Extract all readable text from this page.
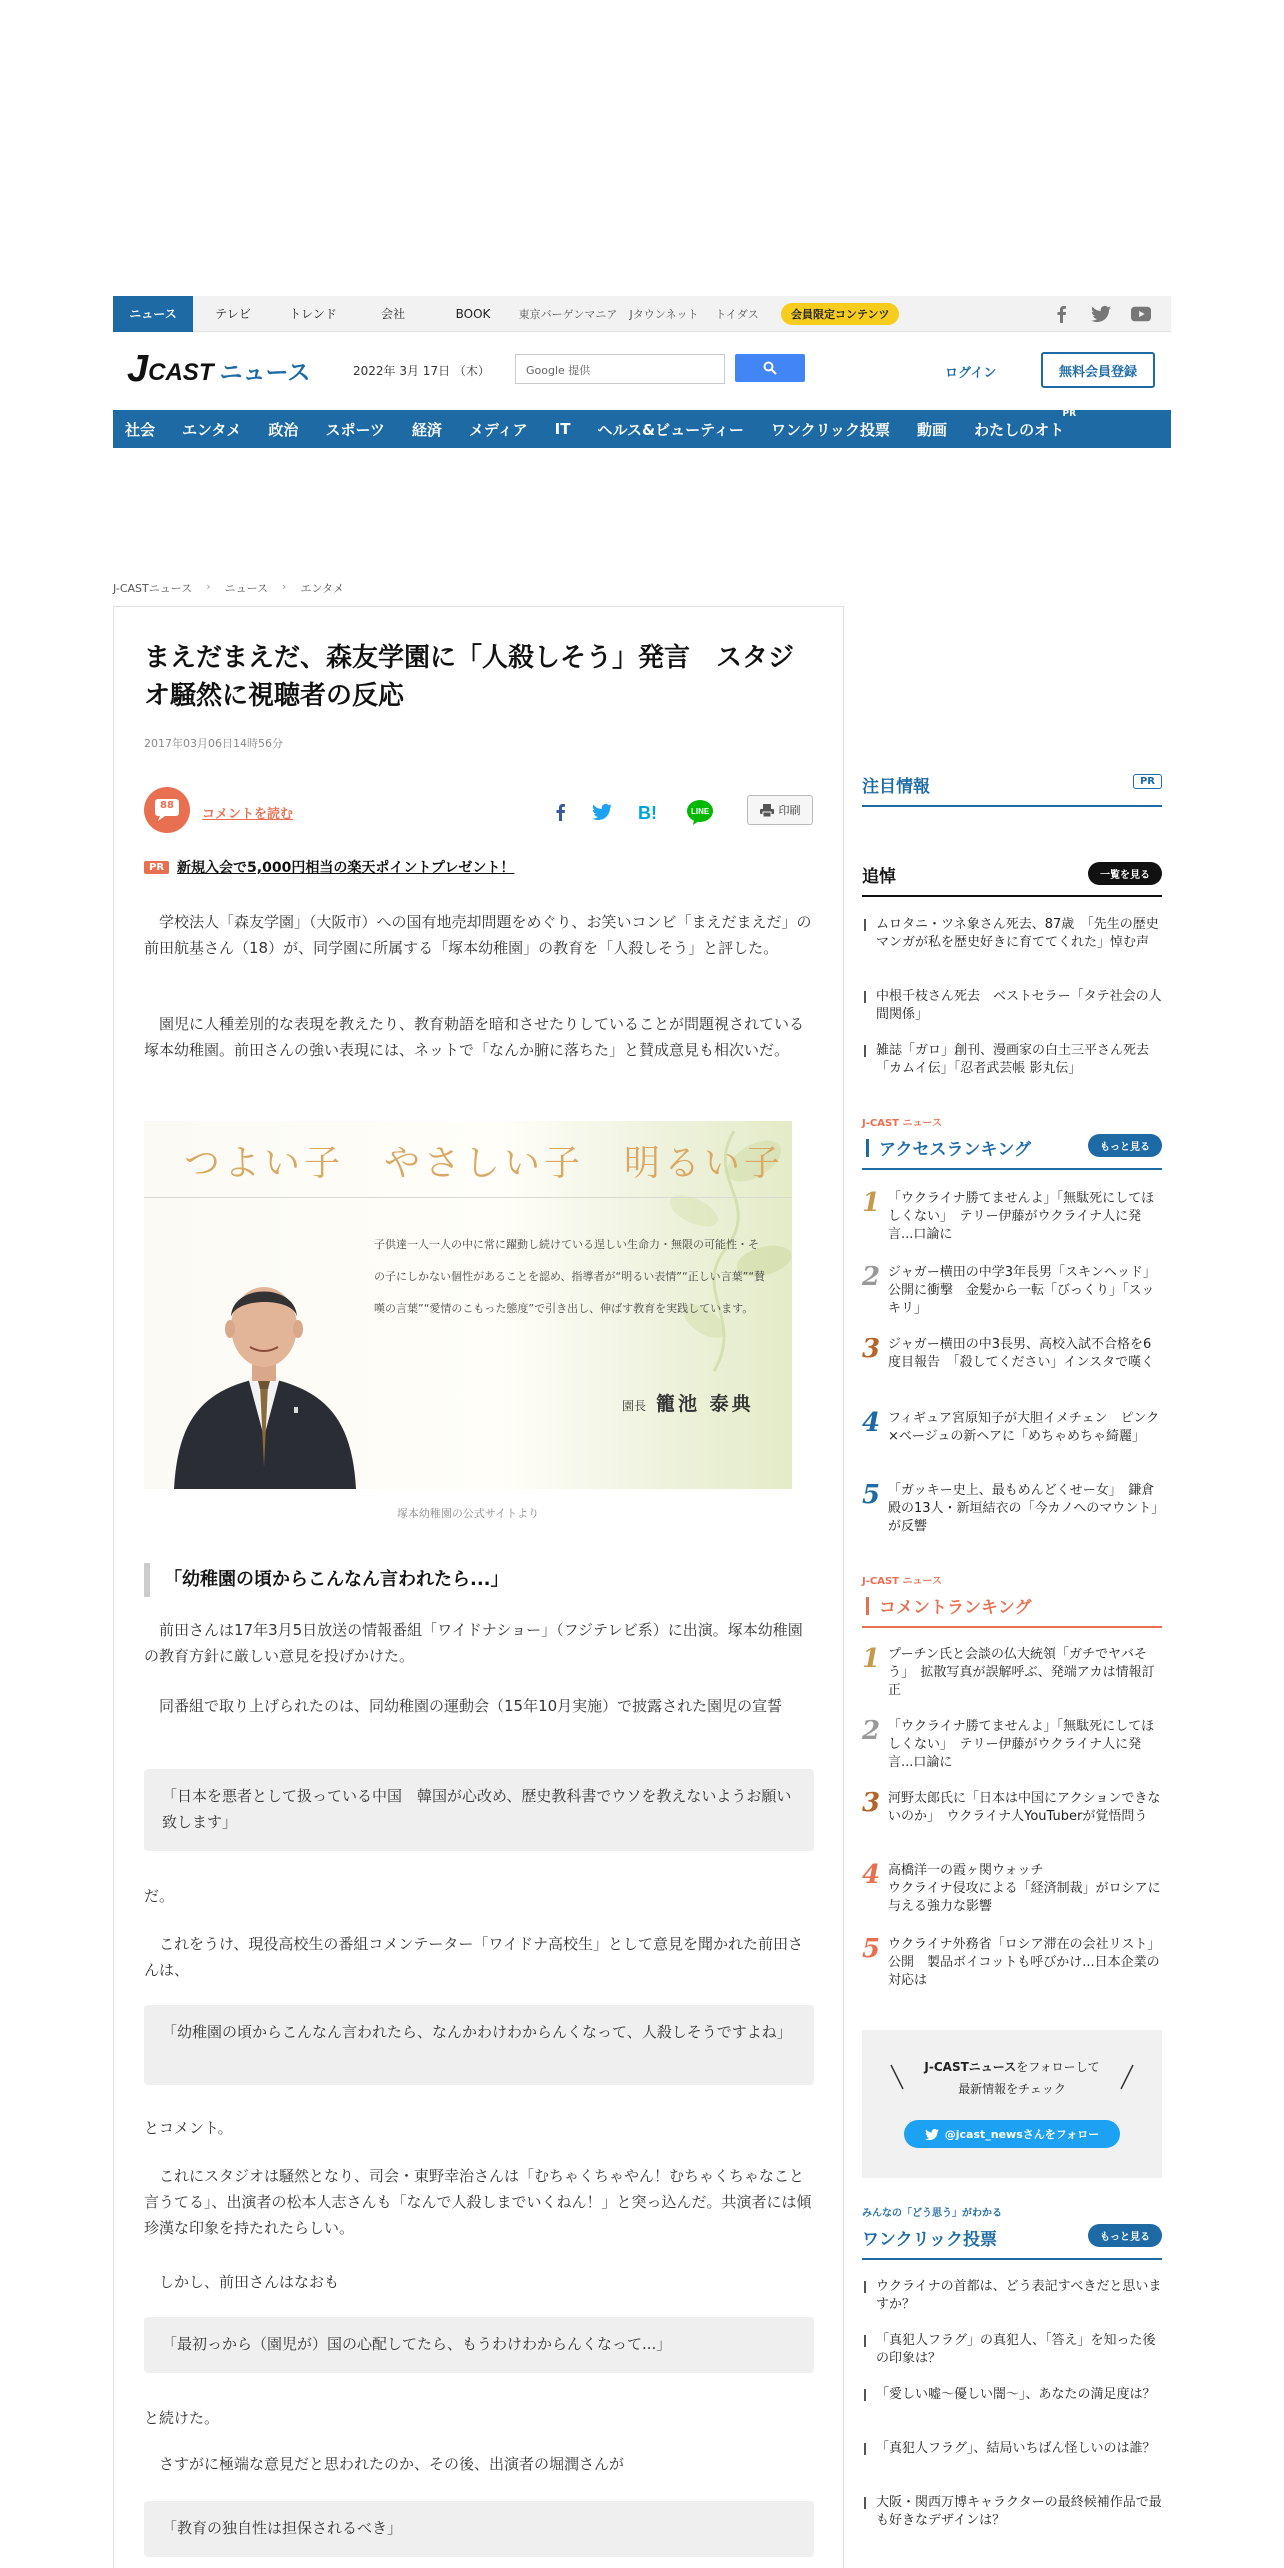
ニュース	テレビ	トレンド	会社	BOOK	東京バーゲンマニア	Jタウンネット	トイダス	会員限定コンテンツ
J CAST ニュース	2022年 3月 17日 （木）	Google 提供	ログイン	無料会員登録
社会 エンタメ 政治 スポーツ 経済 メディア IT ヘルス&ビューティー ワンクリック投票 動画 わたしのオト
PR
J-CASTニュース › ニュース › エンタメ
まえだまえだ、森友学園に「人殺しそう」発言　スタジオ騒然に視聴者の反応
2017年03月06日14時56分
88
コメントを読む	B!	LINE	印刷
PR 新規入会で5,000円相当の楽天ポイントプレゼント！

　学校法人「森友学園」（大阪市）への国有地売却問題をめぐり、お笑いコンビ「まえだまえだ」の前田航基さん（18）が、同学園に所属する「塚本幼稚園」の教育を「人殺しそう」と評した。

　園児に人種差別的な表現を教えたり、教育勅語を暗和させたりしていることが問題視されている塚本幼稚園。前田さんの強い表現には、ネットで「なんか腑に落ちた」と賛成意見も相次いだ。

つよい子　やさしい子　明るい子
子供達一人一人の中に常に躍動し続けている逞しい生命力・無限の可能性・その子にしかない個性があることを認め、指導者が“明るい表情”“正しい言葉”“賛嘆の言葉”“愛情のこもった態度”で引き出し、伸ばす教育を実践しています。
園長 籠池 泰典
塚本幼稚園の公式サイトより
「幼稚園の頃からこんなん言われたら...」

　前田さんは17年3月5日放送の情報番組「ワイドナショー」（フジテレビ系）に出演。塚本幼稚園の教育方針に厳しい意見を投げかけた。

　同番組で取り上げられたのは、同幼稚園の運動会（15年10月実施）で披露された園児の宣誓

「日本を悪者として扱っている中国　韓国が心改め、歴史教科書でウソを教えないようお願い致します」
だ。

　これをうけ、現役高校生の番組コメンテーター「ワイドナ高校生」として意見を聞かれた前田さんは、

「幼稚園の頃からこんなん言われたら、なんかわけわからんくなって、人殺しそうですよね」
とコメント。

　これにスタジオは騒然となり、司会・東野幸治さんは「むちゃくちゃやん！むちゃくちゃなこと言うてる」、出演者の松本人志さんも「なんで人殺しまでいくねん！」と突っ込んだ。共演者には傾珍漢な印象を持たれたらしい。

　しかし、前田さんはなおも
「最初っから（園児が）国の心配してたら、もうわけわからんくなって...」
と続けた。
　さすがに極端な意見だと思われたのか、その後、出演者の堀潤さんが
「教育の独自性は担保されるべき」
注目情報	PR
追悼	一覧を見る
ムロタニ・ツネ象さん死去、87歳　「先生の歴史マンガが私を歴史好きに育ててくれた」悼む声
中根千枝さん死去　ベストセラー「タテ社会の人間関係」
雑誌「ガロ」創刊、漫画家の白土三平さん死去　「カムイ伝」「忍者武芸帳 影丸伝」
J-CAST ニュース
アクセスランキング	もっと見る
1 「ウクライナ勝てませんよ」「無駄死にしてほしくない」　テリー伊藤がウクライナ人に発言...口論に
2 ジャガー横田の中学3年長男「スキンヘッド」公開に衝撃　金髪から一転「びっくり」「スッキリ」
3 ジャガー横田の中3長男、高校入試不合格を6度目報告　「殺してください」インスタで嘆く
4 フィギュア宮原知子が大胆イメチェン　ピンク×ベージュの新ヘアに「めちゃめちゃ綺麗」
5 「ガッキー史上、最もめんどくせー女」　鎌倉殿の13人・新垣結衣の「今カノへのマウント」が反響
J-CAST ニュース
コメントランキング
1 プーチン氏と会談の仏大統領「ガチでヤバそう」　拡散写真が誤解呼ぶ、発端アカは情報訂正
2 「ウクライナ勝てませんよ」「無駄死にしてほしくない」　テリー伊藤がウクライナ人に発言...口論に
3 河野太郎氏に「日本は中国にアクションできないのか」　ウクライナ人YouTuberが覚悟問う
4 高橋洋一の霞ヶ関ウォッチ
ウクライナ侵攻による「経済制裁」がロシアに与える強力な影響
5 ウクライナ外務省「ロシア滞在の会社リスト」公開　製品ボイコットも呼びかけ...日本企業の対応は
J-CASTニュースをフォローして
最新情報をチェック
@jcast_newsさんをフォロー
みんなの「どう思う」がわかる
ワンクリック投票	もっと見る
ウクライナの首都は、どう表記すべきだと思いますか？
「真犯人フラグ」の真犯人、「答え」を知った後の印象は？
「愛しい嘘～優しい闇～」、あなたの満足度は？
「真犯人フラグ」、結局いちばん怪しいのは誰？
大阪・関西万博キャラクターの最終候補作品で最も好きなデザインは？
